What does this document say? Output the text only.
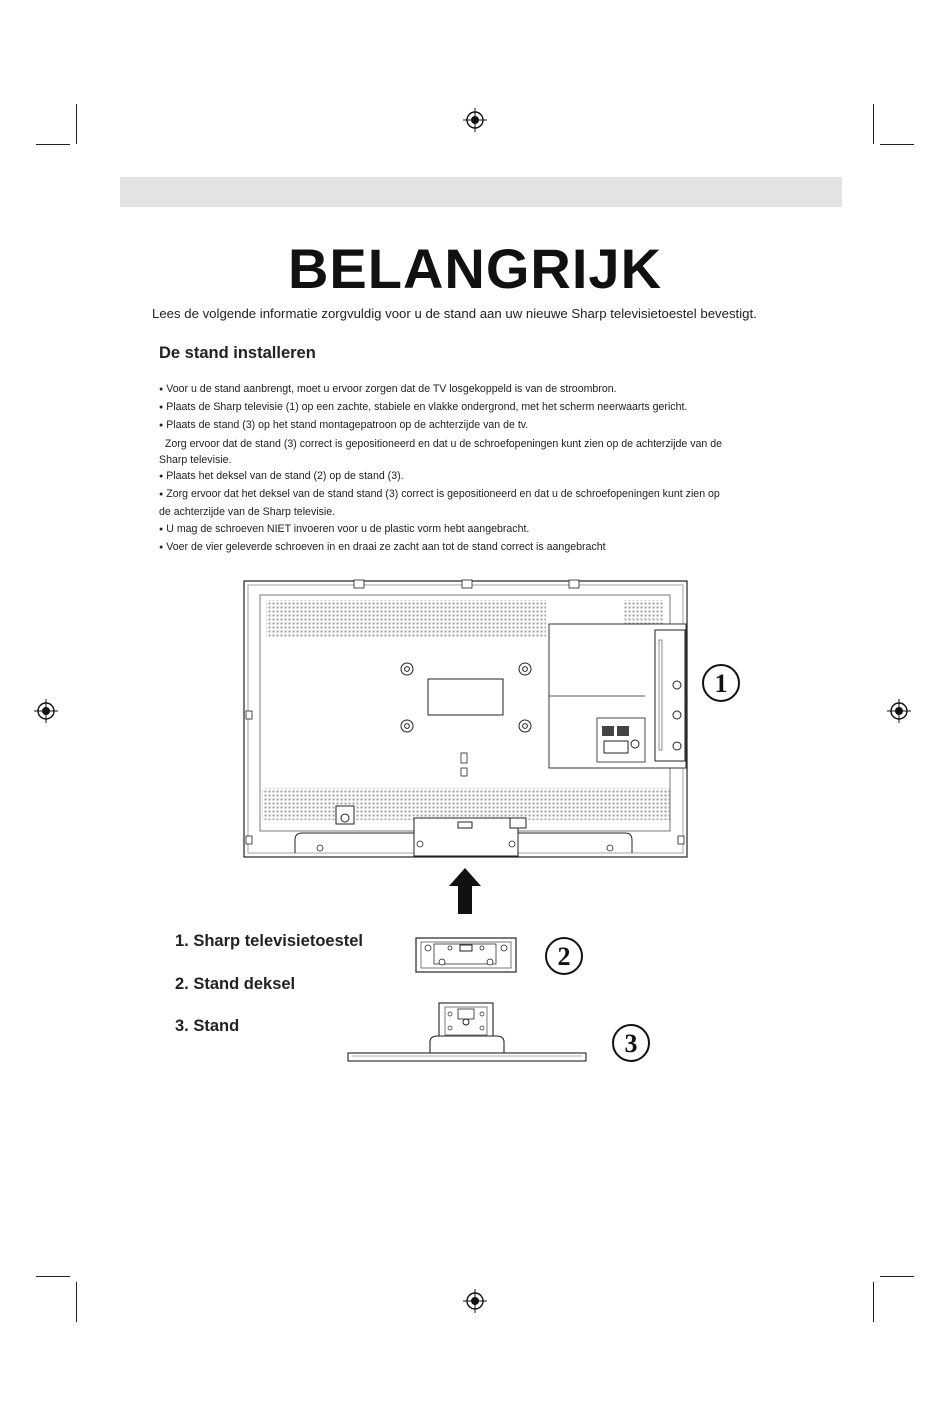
BELANGRIJK
Lees de volgende informatie zorgvuldig voor u de stand aan uw nieuwe Sharp televisietoestel bevestigt.
De stand installeren

● Voor u de stand aanbrengt, moet u ervoor zorgen dat de TV losgekoppeld is van de stroombron.

● Plaats de Sharp televisie (1) op een zachte, stabiele en vlakke ondergrond, met het scherm neerwaarts gericht.

● Plaats de stand (3) op het stand montagepatroon op de achterzijde van de tv.

Zorg ervoor dat de stand (3) correct is gepositioneerd en dat u de schroefopeningen kunt zien op de achterzijde van de

Sharp televisie.

● Plaats het deksel van de stand (2) op de stand (3).

● Zorg ervoor dat het deksel van de stand stand (3) correct is gepositioneerd en dat u de schroefopeningen kunt zien op

de achterzijde van de Sharp televisie.

● U mag de schroeven NIET invoeren voor u de plastic vorm hebt aangebracht.

● Voer de vier geleverde schroeven in en draai ze zacht aan tot de stand correct is aangebracht

1
1. Sharp televisietoestel
2. Stand deksel
3. Stand
2
3
